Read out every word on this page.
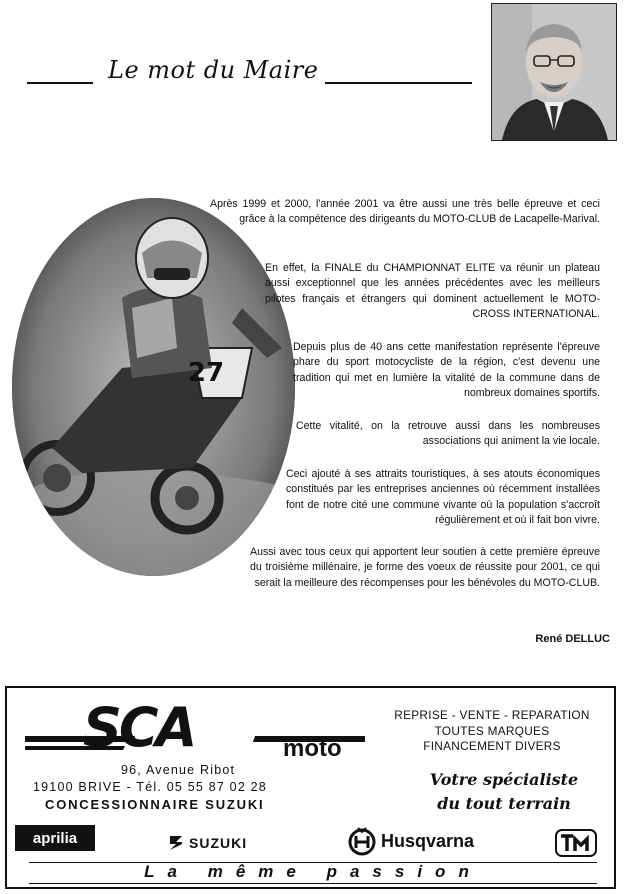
Le mot du Maire
27

Après 1999 et 2000, l'année 2001 va être aussi une très belle épreuve et ceci grâce à la compétence des dirigeants du MOTO-CLUB de Lacapelle-Marival.

En effet, la FINALE du CHAMPIONNAT ELITE va réunir un plateau aussi exceptionnel que les années précédentes avec les meilleurs pilotes français et étrangers qui dominent actuellement le MOTO-CROSS INTERNATIONAL.

Depuis plus de 40 ans cette manifestation représente l'épreuve phare du sport motocycliste de la région, c'est devenu une tradition qui met en lumière la vitalité de la commune dans de nombreux domaines sportifs.

Cette vitalité, on la retrouve aussi dans les nombreuses associations qui animent la vie locale.

Ceci ajouté à ses attraits touristiques, à ses atouts économiques constitués par les entreprises anciennes où récemment installées font de notre cité une commune vivante où la population s'accroît régulièrement et où il fait bon vivre.

Aussi avec tous ceux qui apportent leur soutien à cette première épreuve du troisième millénaire, je forme des voeux de réussite pour 2001, ce qui serait la meilleure des récompenses pour les bénévoles du MOTO-CLUB.

René DELLUC
SCA	moto
REPRISE - VENTE - REPARATION
TOUTES MARQUES
FINANCEMENT DIVERS
96, Avenue Ribot
19100 BRIVE - Tél. 05 55 87 02 28
CONCESSIONNAIRE SUZUKI
Votre spécialiste
du tout terrain
aprilia	SUZUKI	Husqvarna
La même passion
